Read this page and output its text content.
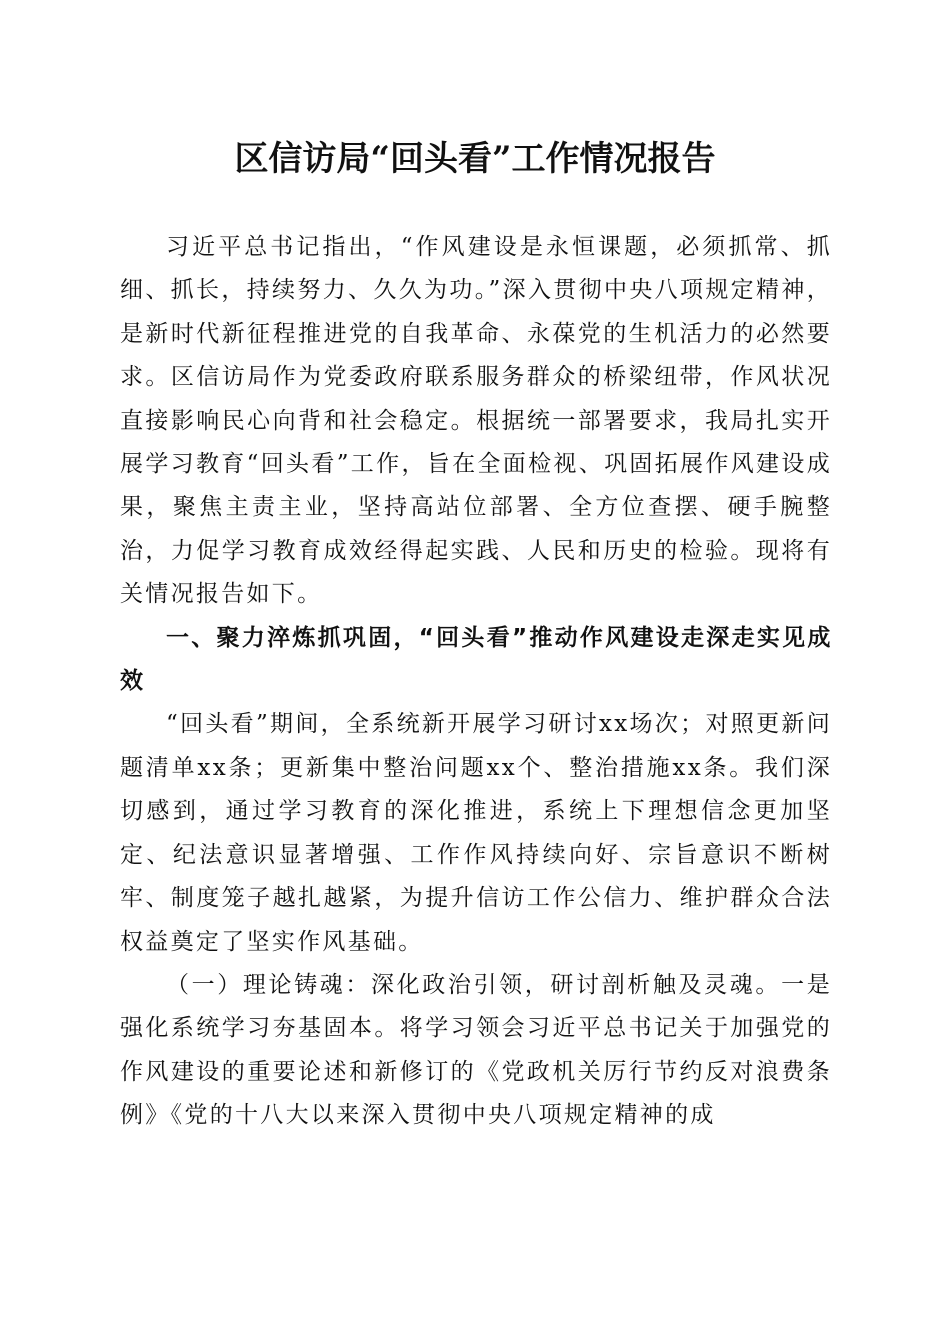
区信访局“回头看”工作情况报告

习近平总书记指出，“作风建设是永恒课题，必须抓常、抓细、抓长，持续努力、久久为功。”深入贯彻中央八项规定精神，是新时代新征程推进党的自我革命、永葆党的生机活力的必然要求。区信访局作为党委政府联系服务群众的桥梁纽带，作风状况直接影响民心向背和社会稳定。根据统一部署要求，我局扎实开展学习教育“回头看”工作，旨在全面检视、巩固拓展作风建设成果，聚焦主责主业，坚持高站位部署、全方位查摆、硬手腕整治，力促学习教育成效经得起实践、人民和历史的检验。现将有关情况报告如下。

一、聚力淬炼抓巩固，“回头看”推动作风建设走深走实见成效

“回头看”期间，全系统新开展学习研讨xx场次；对照更新问题清单xx条；更新集中整治问题xx个、整治措施xx条。我们深切感到，通过学习教育的深化推进，系统上下理想信念更加坚定、纪法意识显著增强、工作作风持续向好、宗旨意识不断树牢、制度笼子越扎越紧，为提升信访工作公信力、维护群众合法权益奠定了坚实作风基础。

（一）理论铸魂：深化政治引领，研讨剖析触及灵魂。一是强化系统学习夯基固本。将学习领会习近平总书记关于加强党的作风建设的重要论述和新修订的《党政机关厉行节约反对浪费条例》《党的十八大以来深入贯彻中央八项规定精神的成
